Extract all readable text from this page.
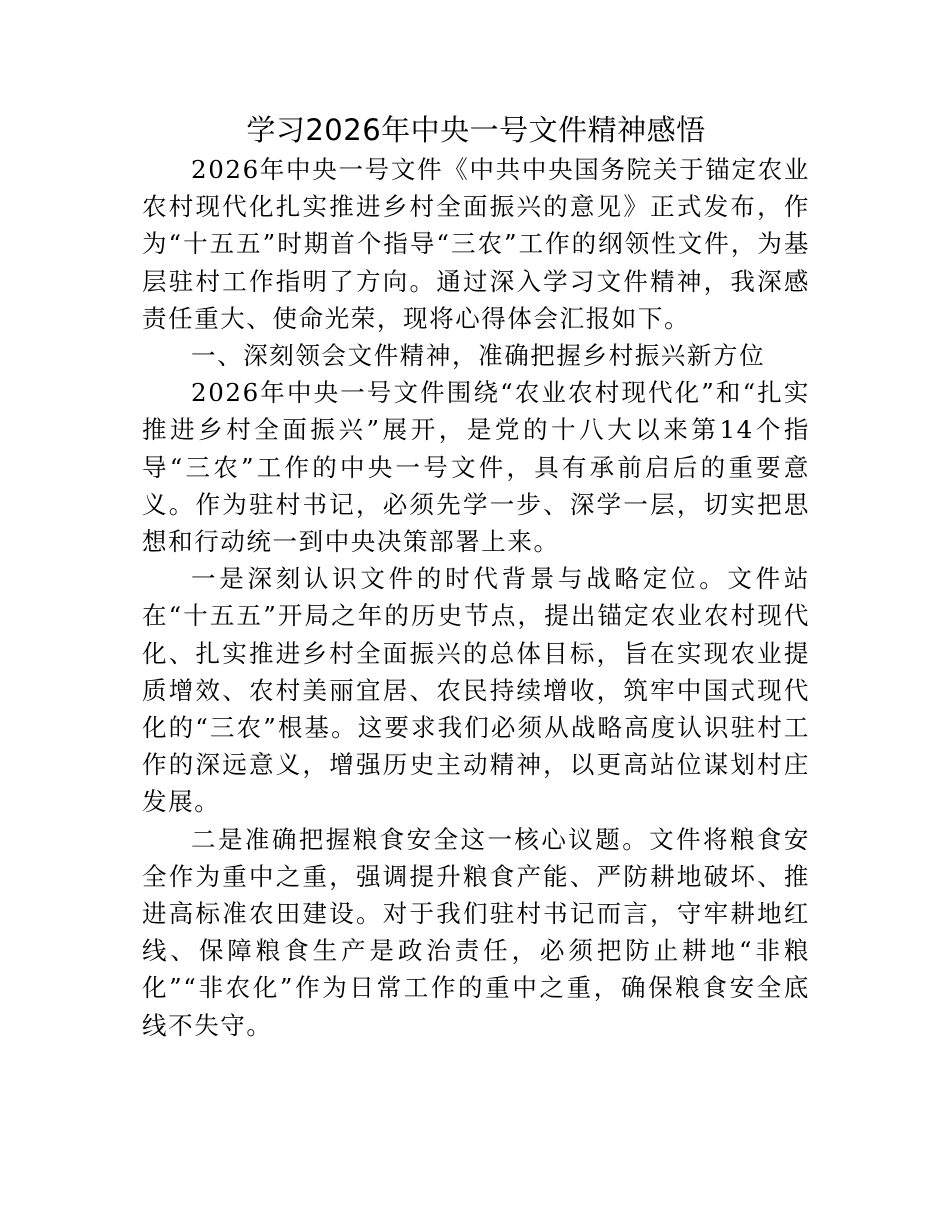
学习2026年中央一号文件精神感悟

2026年中央一号文件《中共中央国务院关于锚定农业农村现代化扎实推进乡村全面振兴的意见》正式发布，作为“十五五”时期首个指导“三农”工作的纲领性文件，为基层驻村工作指明了方向。通过深入学习文件精神，我深感责任重大、使命光荣，现将心得体会汇报如下。

一、深刻领会文件精神，准确把握乡村振兴新方位

2026年中央一号文件围绕“农业农村现代化”和“扎实推进乡村全面振兴”展开，是党的十八大以来第14个指导“三农”工作的中央一号文件，具有承前启后的重要意义。作为驻村书记，必须先学一步、深学一层，切实把思想和行动统一到中央决策部署上来。

一是深刻认识文件的时代背景与战略定位。文件站在“十五五”开局之年的历史节点，提出锚定农业农村现代化、扎实推进乡村全面振兴的总体目标，旨在实现农业提质增效、农村美丽宜居、农民持续增收，筑牢中国式现代化的“三农”根基。这要求我们必须从战略高度认识驻村工作的深远意义，增强历史主动精神，以更高站位谋划村庄发展。

二是准确把握粮食安全这一核心议题。文件将粮食安全作为重中之重，强调提升粮食产能、严防耕地破坏、推进高标准农田建设。对于我们驻村书记而言，守牢耕地红线、保障粮食生产是政治责任，必须把防止耕地“非粮化”“非农化”作为日常工作的重中之重，确保粮食安全底线不失守。
